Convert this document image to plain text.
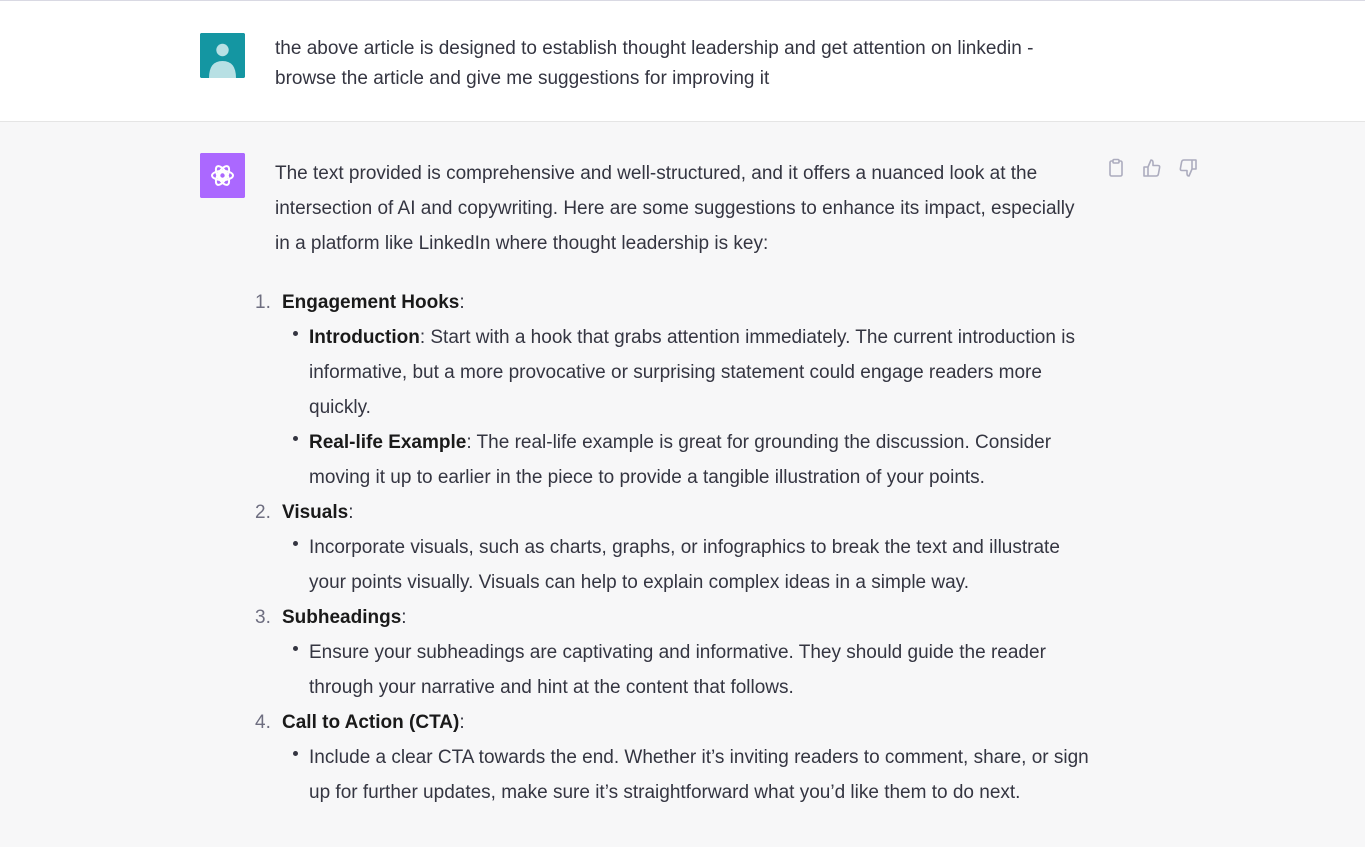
the above article is designed to establish thought leadership and get attention on linkedin - browse the article and give me suggestions for improving it
The text provided is comprehensive and well-structured, and it offers a nuanced look at the intersection of AI and copywriting. Here are some suggestions to enhance its impact, especially in a platform like LinkedIn where thought leadership is key:
1. Engagement Hooks:
Introduction: Start with a hook that grabs attention immediately. The current introduction is informative, but a more provocative or surprising statement could engage readers more quickly.
Real-life Example: The real-life example is great for grounding the discussion. Consider moving it up to earlier in the piece to provide a tangible illustration of your points.
2. Visuals:
Incorporate visuals, such as charts, graphs, or infographics to break the text and illustrate your points visually. Visuals can help to explain complex ideas in a simple way.
3. Subheadings:
Ensure your subheadings are captivating and informative. They should guide the reader through your narrative and hint at the content that follows.
4. Call to Action (CTA):
Include a clear CTA towards the end. Whether it’s inviting readers to comment, share, or sign up for further updates, make sure it’s straightforward what you’d like them to do next.
